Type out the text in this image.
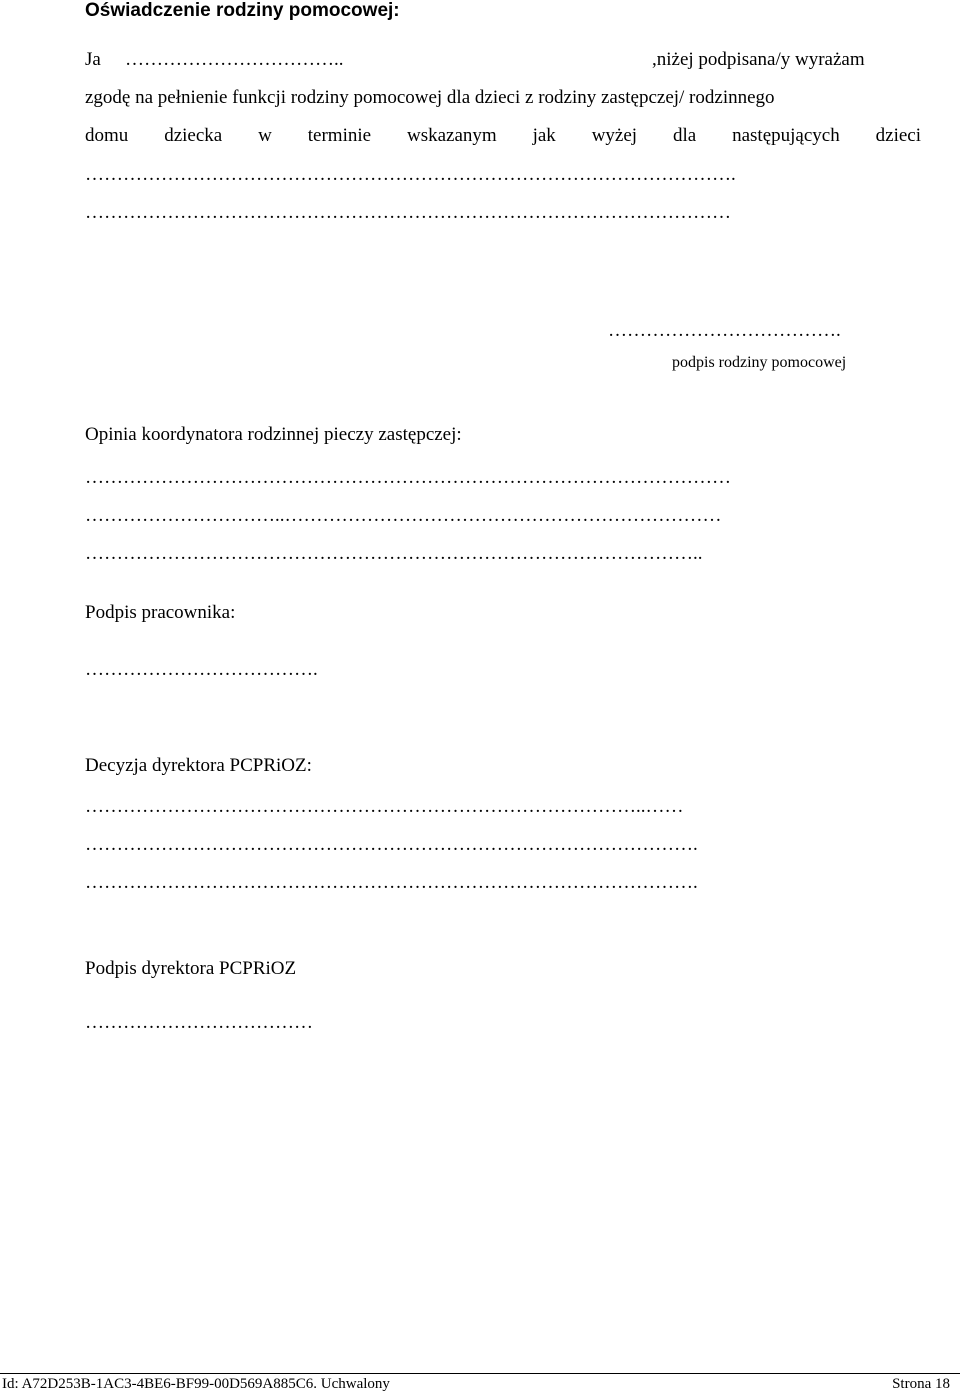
Oświadczenie rodziny pomocowej:
Ja ……………………………..	,niżej podpisana/y wyrażam
zgodę na pełnienie funkcji rodziny pomocowej dla dzieci z rodziny zastępczej/ rodzinnego
domu dziecka w terminie wskazanym jak wyżej dla następujących dzieci
………………………………………………………………………………………….
…………………………………………………………………………………………
……………………………….
podpis rodziny pomocowej
Opinia koordynatora rodzinnej pieczy zastępczej:
…………………………………………………………………………………………
…………………………..……………………………………………………………
……………………………………………………………………………………..
Podpis pracownika:
……………………………….
Decyzja dyrektora PCPRiOZ:
……………………………………………………………………………..……
…………………………………………………………………………………….
…………………………………………………………………………………….
Podpis dyrektora PCPRiOZ
………………………………
Id: A72D253B-1AC3-4BE6-BF99-00D569A885C6. Uchwalony	Strona 18
